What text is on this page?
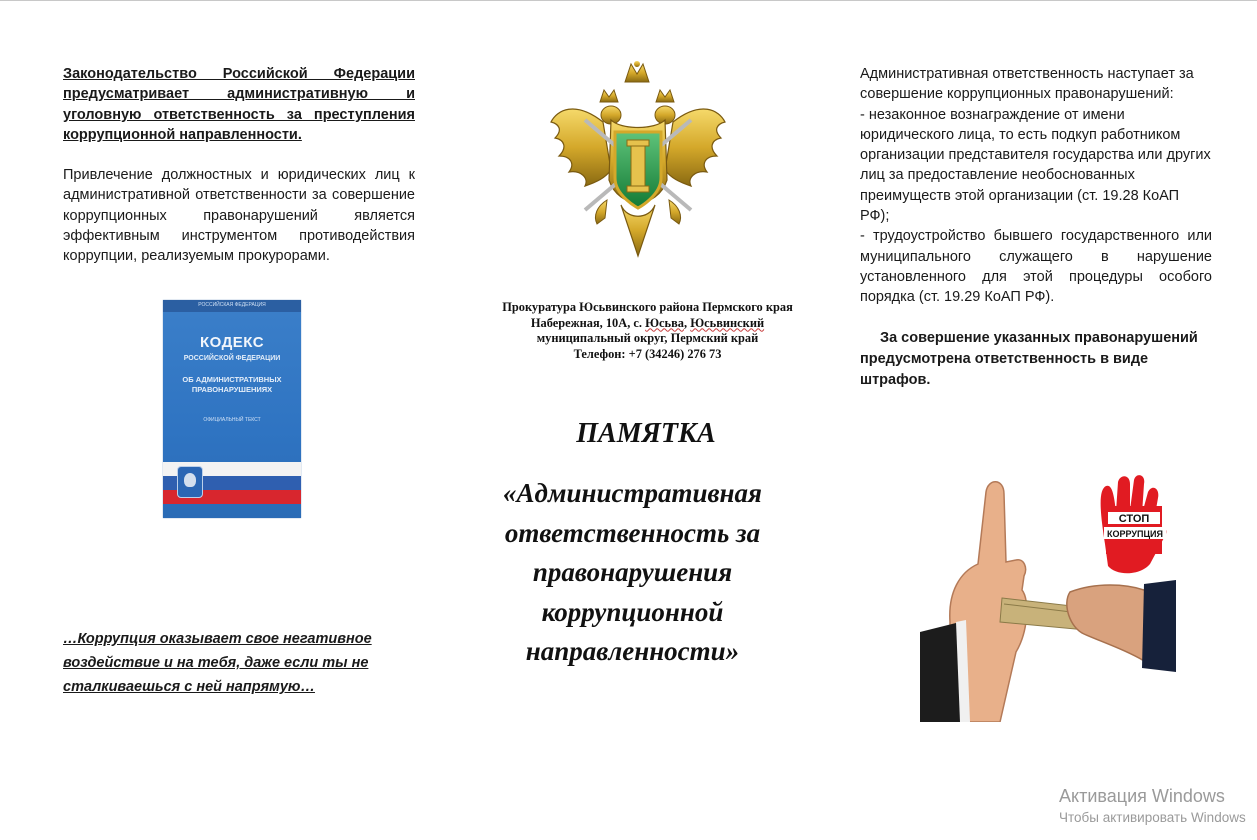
Законодательство Российской Федерации предусматривает административную и уголовную ответственность за преступления коррупционной направленности.

Привлечение должностных и юридических лиц к административной ответственности за совершение коррупционных правонарушений является эффективным инструментом противодействия коррупции, реализуемым прокурорами.

РОССИЙСКАЯ ФЕДЕРАЦИЯ
КОДЕКС
РОССИЙСКОЙ ФЕДЕРАЦИИ
ОБ АДМИНИСТРАТИВНЫХ ПРАВОНАРУШЕНИЯХ
ОФИЦИАЛЬНЫЙ ТЕКСТ
…Коррупция оказывает свое негативное воздействие и на тебя, даже если ты не сталкиваешься с ней напрямую…
Прокуратура Юсьвинского района Пермского края
Набережная, 10А, с. Юсьва, Юсьвинский
муниципальный округ, Пермский край
Телефон: +7 (34246) 276 73
ПАМЯТКА
«Административная ответственность за правонарушения коррупционной направленности»

Административная ответственность наступает за совершение коррупционных правонарушений:

- незаконное вознаграждение от имени юридического лица, то есть подкуп работником организации представителя государства или других лиц за предоставление необоснованных преимуществ этой организации (ст. 19.28 КоАП РФ);

- трудоустройство бывшего государственного или муниципального служащего в нарушение установленного для этой процедуры особого порядка (ст. 19.29 КоАП РФ).

За совершение указанных правонарушений предусмотрена ответственность в виде штрафов.

СТОП
КОРРУПЦИЯ
Активация Windows
Чтобы активировать Windows
